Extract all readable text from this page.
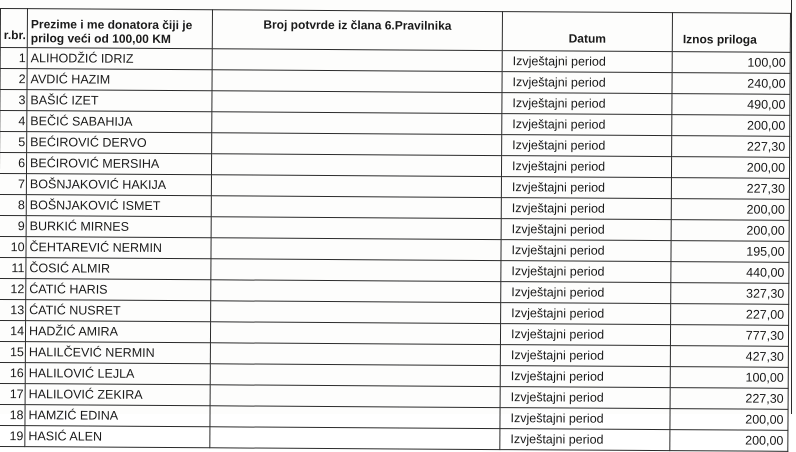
r.br.	Prezime i me donatora čiji je prilog veći od 100,00 KM	Broj potvrde iz člana 6.Pravilnika	Datum	Iznos priloga
1	ALIHODŽIĆ IDRIZ		Izvještajni period	100,00
2	AVDIĆ HAZIM		Izvještajni period	240,00
3	BAŠIĆ IZET		Izvještajni period	490,00
4	BEČIĆ SABAHIJA		Izvještajni period	200,00
5	BEĆIROVIĆ DERVO		Izvještajni period	227,30
6	BEĆIROVIĆ MERSIHA		Izvještajni period	200,00
7	BOŠNJAKOVIĆ HAKIJA		Izvještajni period	227,30
8	BOŠNJAKOVIĆ ISMET		Izvještajni period	200,00
9	BURKIĆ MIRNES		Izvještajni period	200,00
10	ČEHTAREVIĆ NERMIN		Izvještajni period	195,00
11	ČOSIĆ ALMIR		Izvještajni period	440,00
12	ĆATIĆ HARIS		Izvještajni period	327,30
13	ĆATIĆ NUSRET		Izvještajni period	227,00
14	HADŽIĆ AMIRA		Izvještajni period	777,30
15	HALILČEVIĆ NERMIN		Izvještajni period	427,30
16	HALILOVIĆ LEJLA		Izvještajni period	100,00
17	HALILOVIĆ ZEKIRA		Izvještajni period	227,30
18	HAMZIĆ EDINA		Izvještajni period	200,00
19	HASIĆ ALEN		Izvještajni period	200,00
